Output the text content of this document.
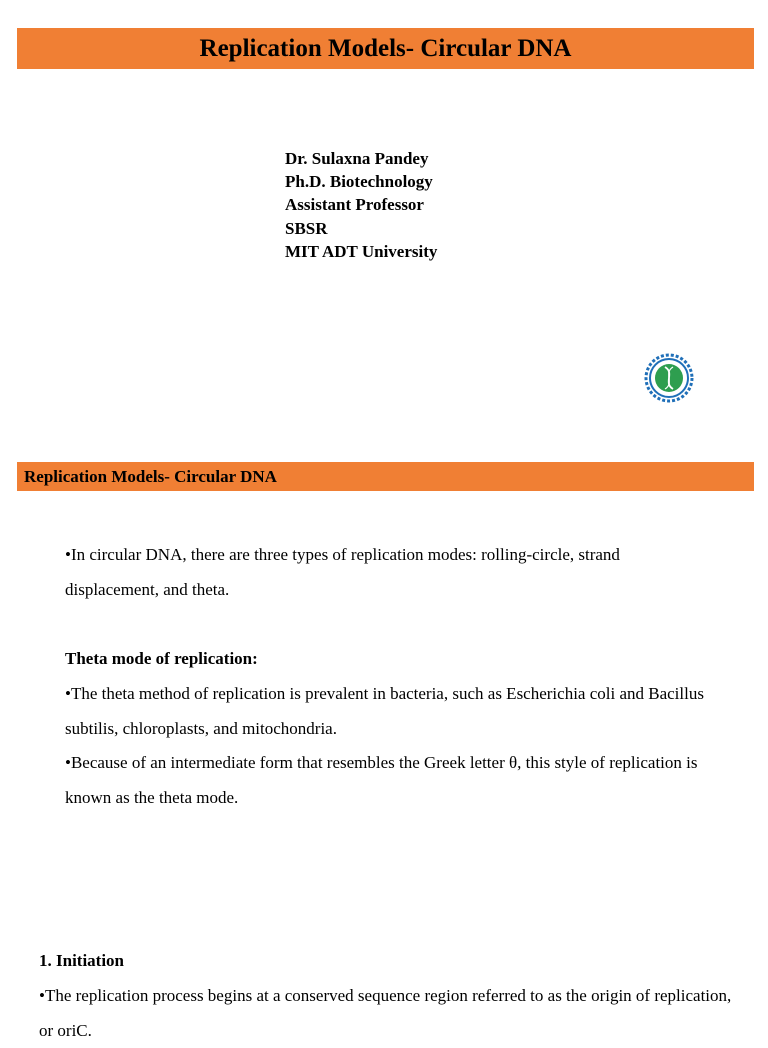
Replication Models- Circular DNA
Dr. Sulaxna Pandey
Ph.D. Biotechnology
Assistant Professor
SBSR
MIT ADT University
Replication Models- Circular DNA
•In circular DNA, there are three types of replication modes: rolling-circle, strand displacement, and theta.
Theta mode of replication:
•The theta method of replication is prevalent in bacteria, such as Escherichia coli and Bacillus subtilis, chloroplasts, and mitochondria.
•Because of an intermediate form that resembles the Greek letter θ, this style of replication is known as the theta mode.
1. Initiation
•The replication process begins at a conserved sequence region referred to as the origin of replication, or oriC.
